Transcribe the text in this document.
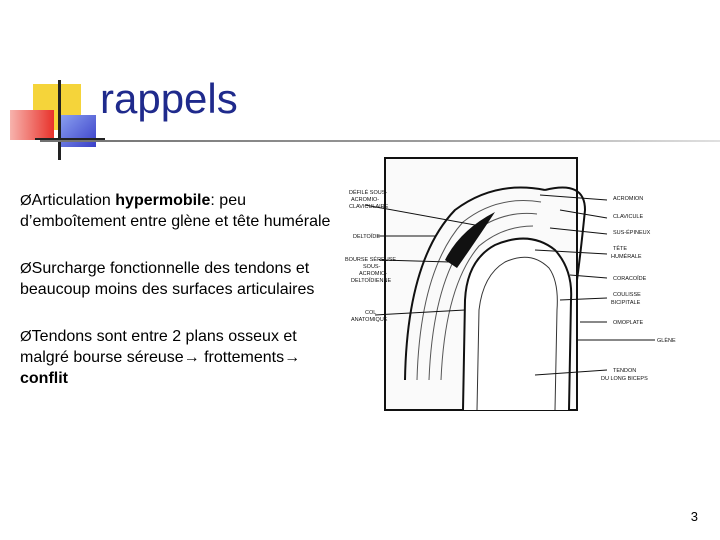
rappels
ØArticulation hypermobile: peu d’emboîtement entre glène et tête humérale
ØSurcharge fonctionnelle des tendons et beaucoup moins des surfaces articulaires
ØTendons sont entre 2 plans osseux et malgré bourse séreuse→ frottements→ conflit
DÉFILÉ SOUS-
ACROMIO-
CLAVICULAIRE
DELTOÏDE
BOURSE SÉREUSE
SOUS-
ACROMIO-
DELTOÏDIENNE
COL
ANATOMIQUE
ACROMION
CLAVICULE
SUS-ÉPINEUX
TÊTE
HUMÉRALE
CORACOÏDE
COULISSE
BICIPITALE
OMOPLATE
GLÈNE
TENDON
DU LONG BICEPS
3
